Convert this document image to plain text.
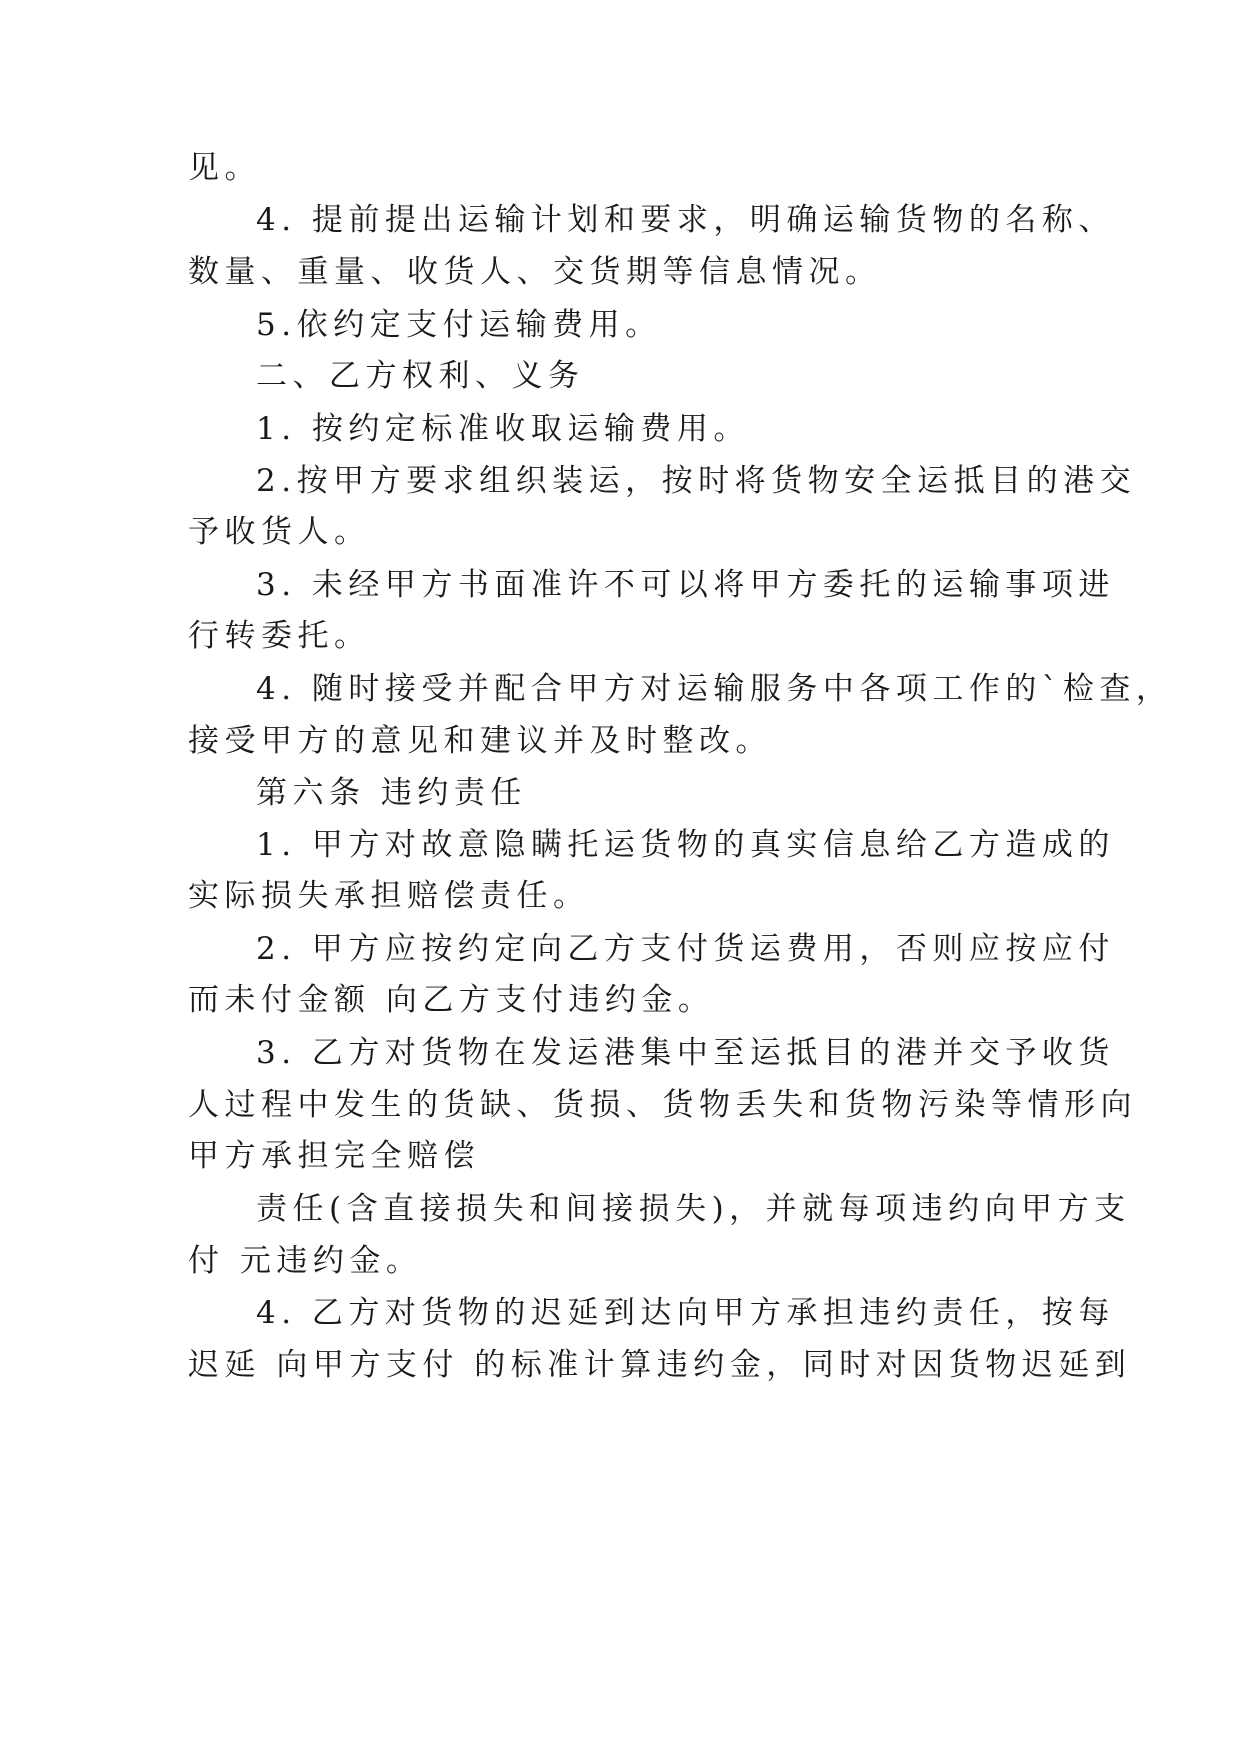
见。
4. 提前提出运输计划和要求，明确运输货物的名称、
数量、重量、收货人、交货期等信息情况。
5.依约定支付运输费用。
二、乙方权利、义务
1. 按约定标准收取运输费用。
2.按甲方要求组织装运，按时将货物安全运抵目的港交
予收货人。
3. 未经甲方书面准许不可以将甲方委托的运输事项进
行转委托。
4. 随时接受并配合甲方对运输服务中各项工作的`检查，
接受甲方的意见和建议并及时整改。
第六条 违约责任
1. 甲方对故意隐瞒托运货物的真实信息给乙方造成的
实际损失承担赔偿责任。
2. 甲方应按约定向乙方支付货运费用，否则应按应付
而未付金额 向乙方支付违约金。
3. 乙方对货物在发运港集中至运抵目的港并交予收货
人过程中发生的货缺、货损、货物丢失和货物污染等情形向
甲方承担完全赔偿
责任(含直接损失和间接损失)，并就每项违约向甲方支
付 元违约金。
4. 乙方对货物的迟延到达向甲方承担违约责任，按每
迟延 向甲方支付 的标准计算违约金，同时对因货物迟延到
